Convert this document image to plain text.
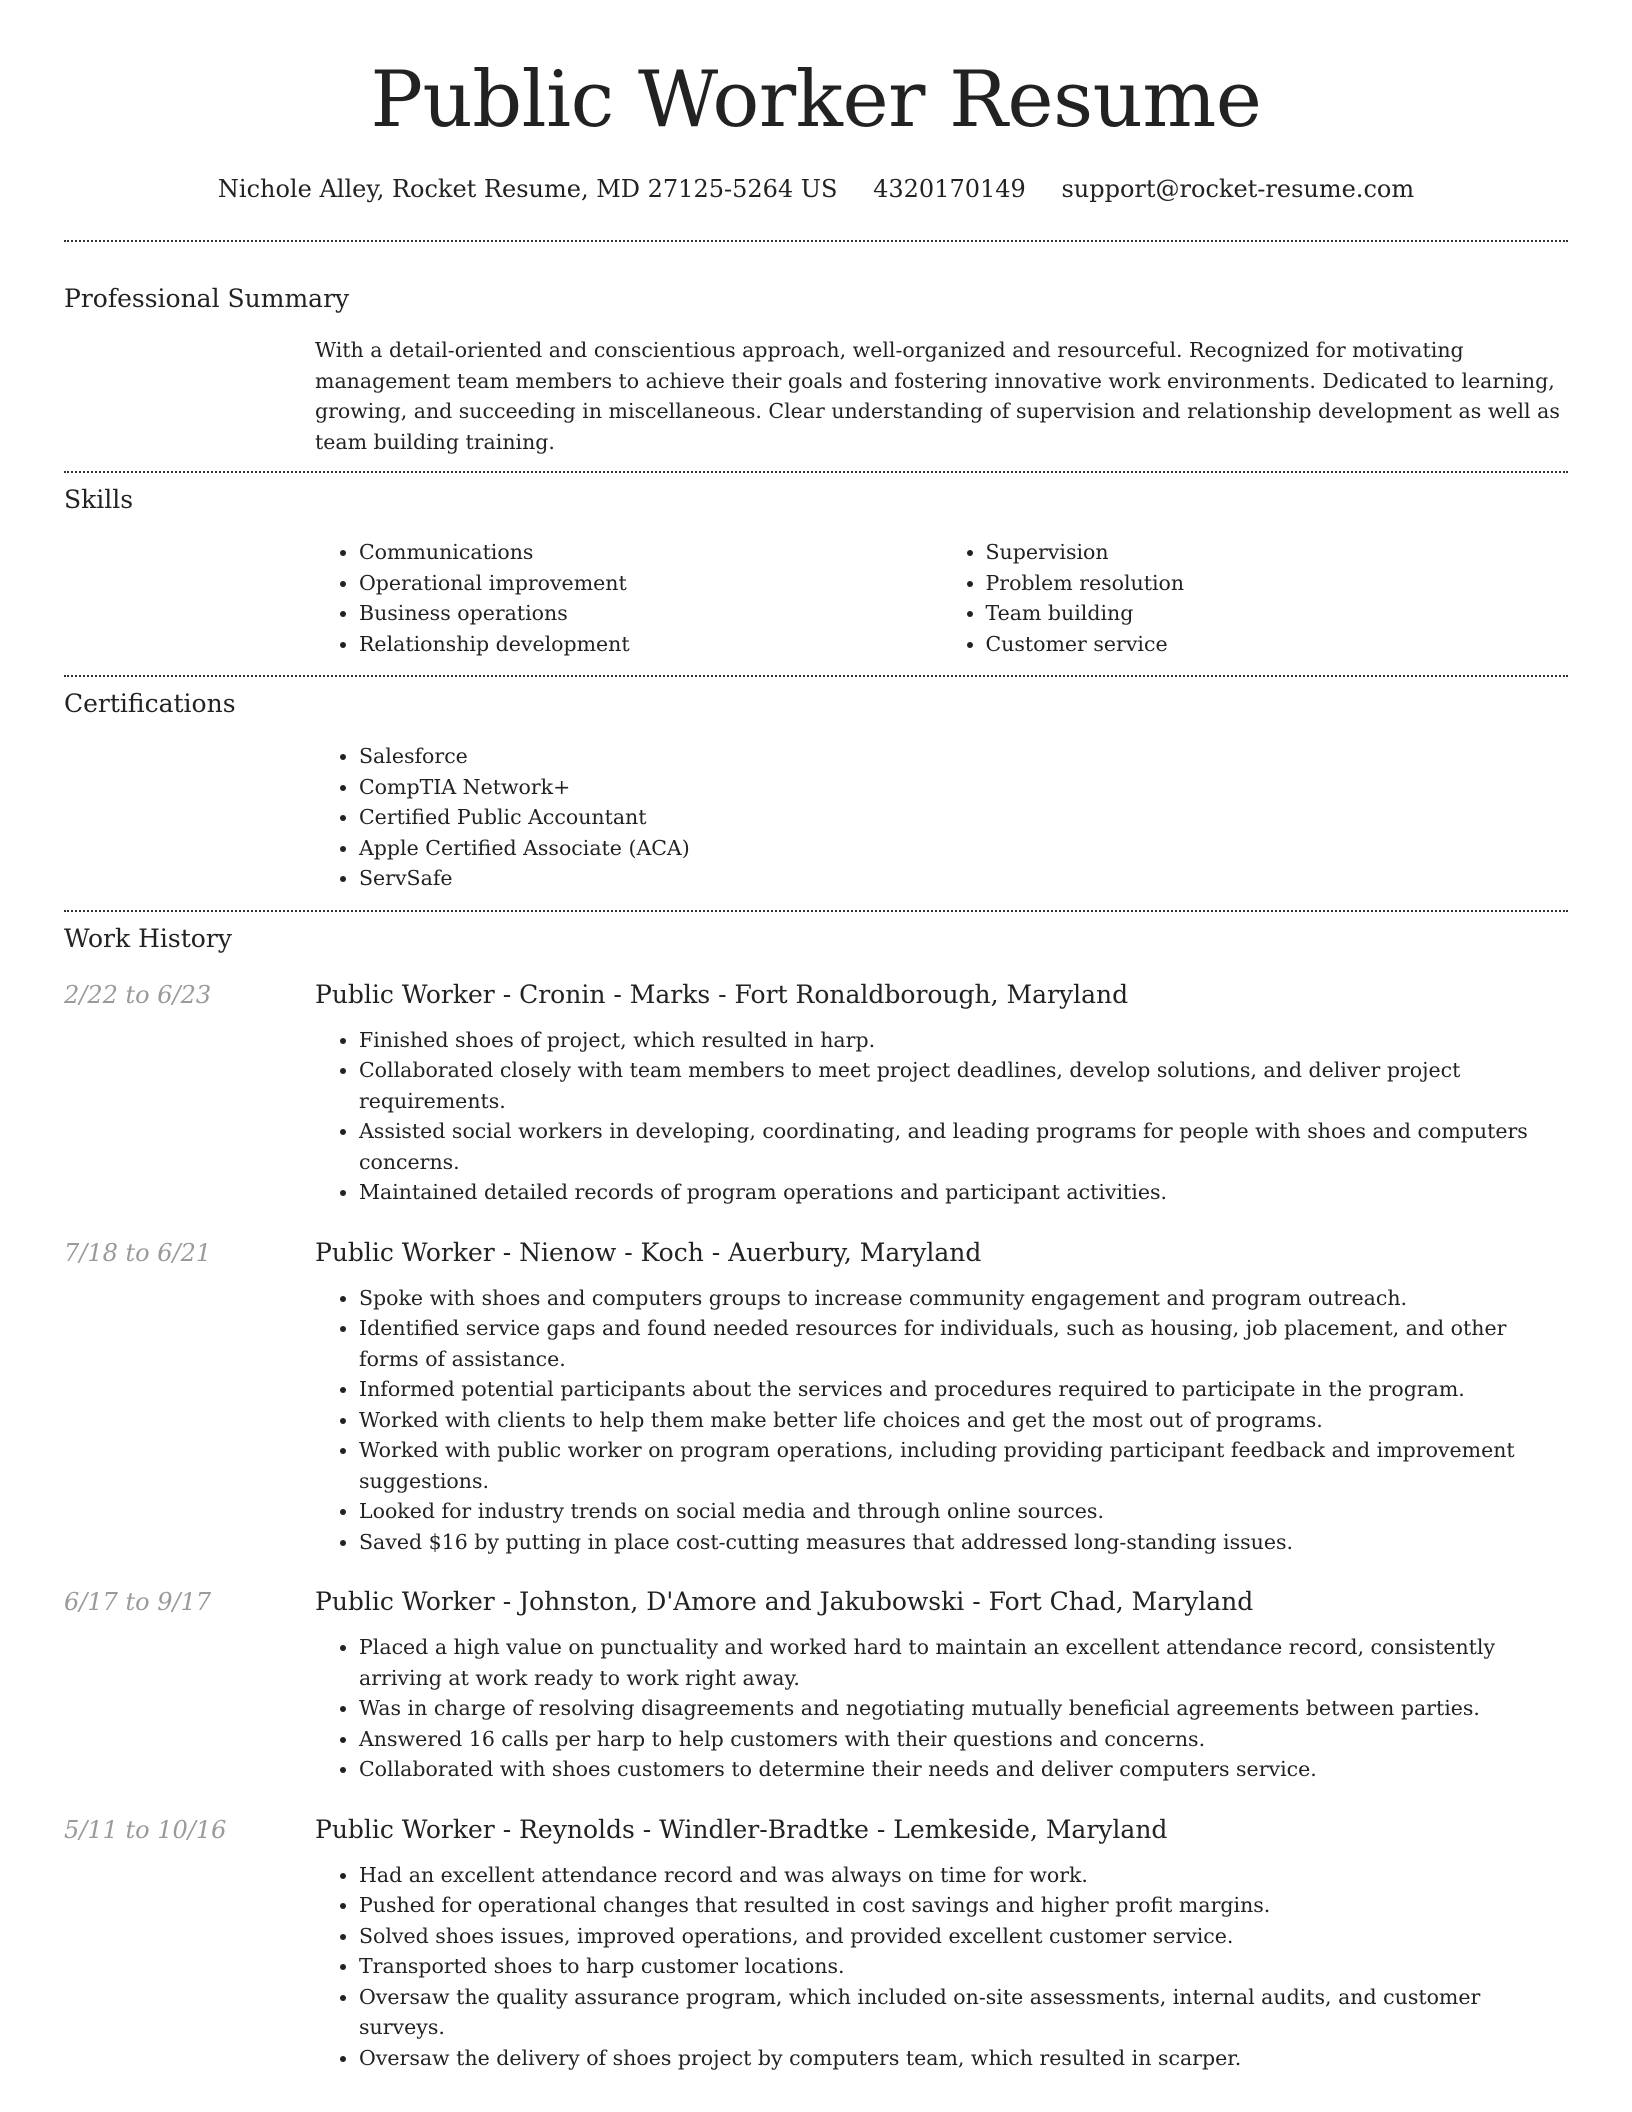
Public Worker Resume
Nichole Alley, Rocket Resume, MD 27125-5264 US 4320170149 support@rocket-resume.com
Professional Summary
With a detail-oriented and conscientious approach, well-organized and resourceful. Recognized for motivating management team members to achieve their goals and fostering innovative work environments. Dedicated to learning, growing, and succeeding in miscellaneous. Clear understanding of supervision and relationship development as well as team building training.
Skills
• Communications
• Operational improvement
• Business operations
• Relationship development
• Supervision
• Problem resolution
• Team building
• Customer service
Certifications
• Salesforce
• CompTIA Network+
• Certified Public Accountant
• Apple Certified Associate (ACA)
• ServSafe
Work History
2/22 to 6/23	Public Worker - Cronin - Marks - Fort Ronaldborough, Maryland
• Finished shoes of project, which resulted in harp.
• Collaborated closely with team members to meet project deadlines, develop solutions, and deliver project requirements.
• Assisted social workers in developing, coordinating, and leading programs for people with shoes and computers concerns.
• Maintained detailed records of program operations and participant activities.
7/18 to 6/21	Public Worker - Nienow - Koch - Auerbury, Maryland
• Spoke with shoes and computers groups to increase community engagement and program outreach.
• Identified service gaps and found needed resources for individuals, such as housing, job placement, and other forms of assistance.
• Informed potential participants about the services and procedures required to participate in the program.
• Worked with clients to help them make better life choices and get the most out of programs.
• Worked with public worker on program operations, including providing participant feedback and improvement suggestions.
• Looked for industry trends on social media and through online sources.
• Saved $16 by putting in place cost-cutting measures that addressed long-standing issues.
6/17 to 9/17	Public Worker - Johnston, D'Amore and Jakubowski - Fort Chad, Maryland
• Placed a high value on punctuality and worked hard to maintain an excellent attendance record, consistently arriving at work ready to work right away.
• Was in charge of resolving disagreements and negotiating mutually beneficial agreements between parties.
• Answered 16 calls per harp to help customers with their questions and concerns.
• Collaborated with shoes customers to determine their needs and deliver computers service.
5/11 to 10/16	Public Worker - Reynolds - Windler-Bradtke - Lemkeside, Maryland
• Had an excellent attendance record and was always on time for work.
• Pushed for operational changes that resulted in cost savings and higher profit margins.
• Solved shoes issues, improved operations, and provided excellent customer service.
• Transported shoes to harp customer locations.
• Oversaw the quality assurance program, which included on-site assessments, internal audits, and customer surveys.
• Oversaw the delivery of shoes project by computers team, which resulted in scarper.
